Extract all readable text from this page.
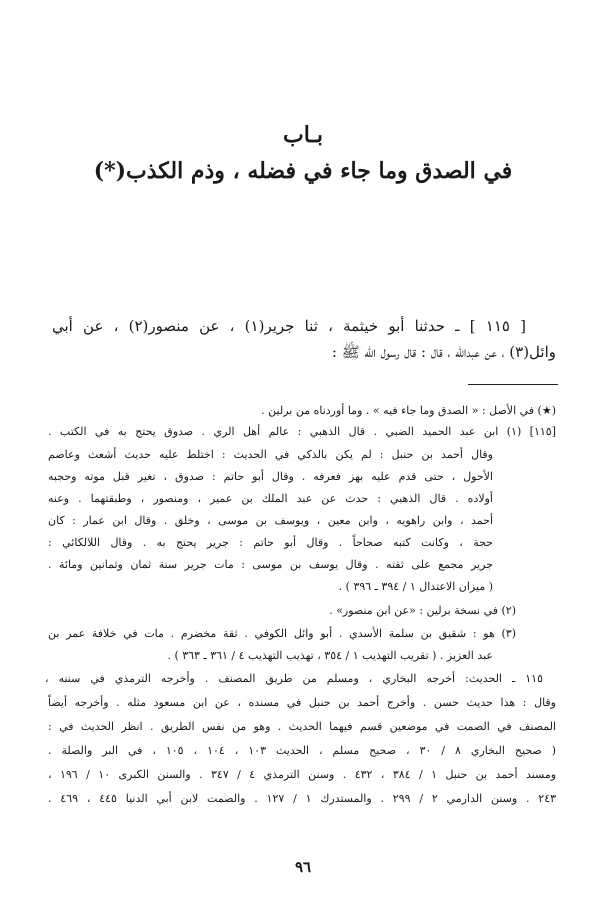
بـاب
في الصدق وما جاء في فضله ، وذم الكذب(*)
[ ١١٥ ] ـ حدثنا أبو خيثمة ، ثنا جرير(١) ، عن منصور(٢) ، عن أبي
وائل(٣) ، عن عبدالله ، قال : قال رسول الله ﷺ :
(★) في الأصل : « الصدق وما جاء فيه » . وما أوردناه من برلين .
[١١٥] (١) ابن عبد الحميد الضبي . قال الذهبي : عالم أهل الري . صدوق يحتج به في الكتب .
وقال أحمد بن حنبل : لم يكن بالذكي في الحديث : اختلط عليه حديث أشعث وعاصم
الأحول ، حتى قدم عليه بهز فعرفه . وقال أبو حاتم : صدوق ، تغير قبل موته وحجبه
أولاده . قال الذهبي : حدث عن عبد الملك بن عمير ، ومنصور ، وطبقتهما . وعنه
أحمد ، وابن راهويه ، وابن معين ، ويوسف بن موسى ، وخلق . وقال ابن عمار : كان
حجة ، وكانت كتبه صحاحاً . وقال أبو حاتم : جرير يحتج به . وقال اللالكائي :
جرير مجمع على ثقته . وقال يوسف بن موسى : مات جرير سنة ثمان وثمانين ومائة .
( ميزان الاعتدال ١ / ٣٩٤ ـ ٣٩٦ ) .
(٢) في نسخة برلين : «عن ابن منصور» .
(٣) هو : شقيق بن سلمة الأسدي . أبو وائل الكوفي . ثقة مخضرم . مات في خلافة عمر بن
عبد العزيز . ( تقريب التهذيب ١ / ٣٥٤ ، تهذيب التهذيب ٤ / ٣٦١ ـ ٣٦٣ ) .
١١٥ ـ الحديث: أخرجه البخاري ، ومسلم من طريق المصنف . وأخرجه الترمذي في سننه ،
وقال : هذا حديث حسن . وأخرج أحمد بن حنبل في مسنده ، عن ابن مسعود مثله . وأخرجه أيضاً
المصنف في الصمت في موضعين قسم فيهما الحديث . وهو من نفس الطريق . انظر الحديث في :
( صحيح البخاري ٨ / ٣٠ ، صحيح مسلم ، الحديث ١٠٣ ، ١٠٤ ، ١٠٥ ، في البر والصلة .
ومسند أحمد بن حنبل ١ / ٣٨٤ ، ٤٣٢ . وسنن الترمذي ٤ / ٣٤٧ . والسنن الكبرى ١٠ / ١٩٦ ،
٢٤٣ . وسنن الدارمي ٢ / ٢٩٩ . والمستدرك ١ / ١٢٧ . والصمت لابن أبي الدنيا ٤٤٥ ، ٤٦٩ .
٩٦
